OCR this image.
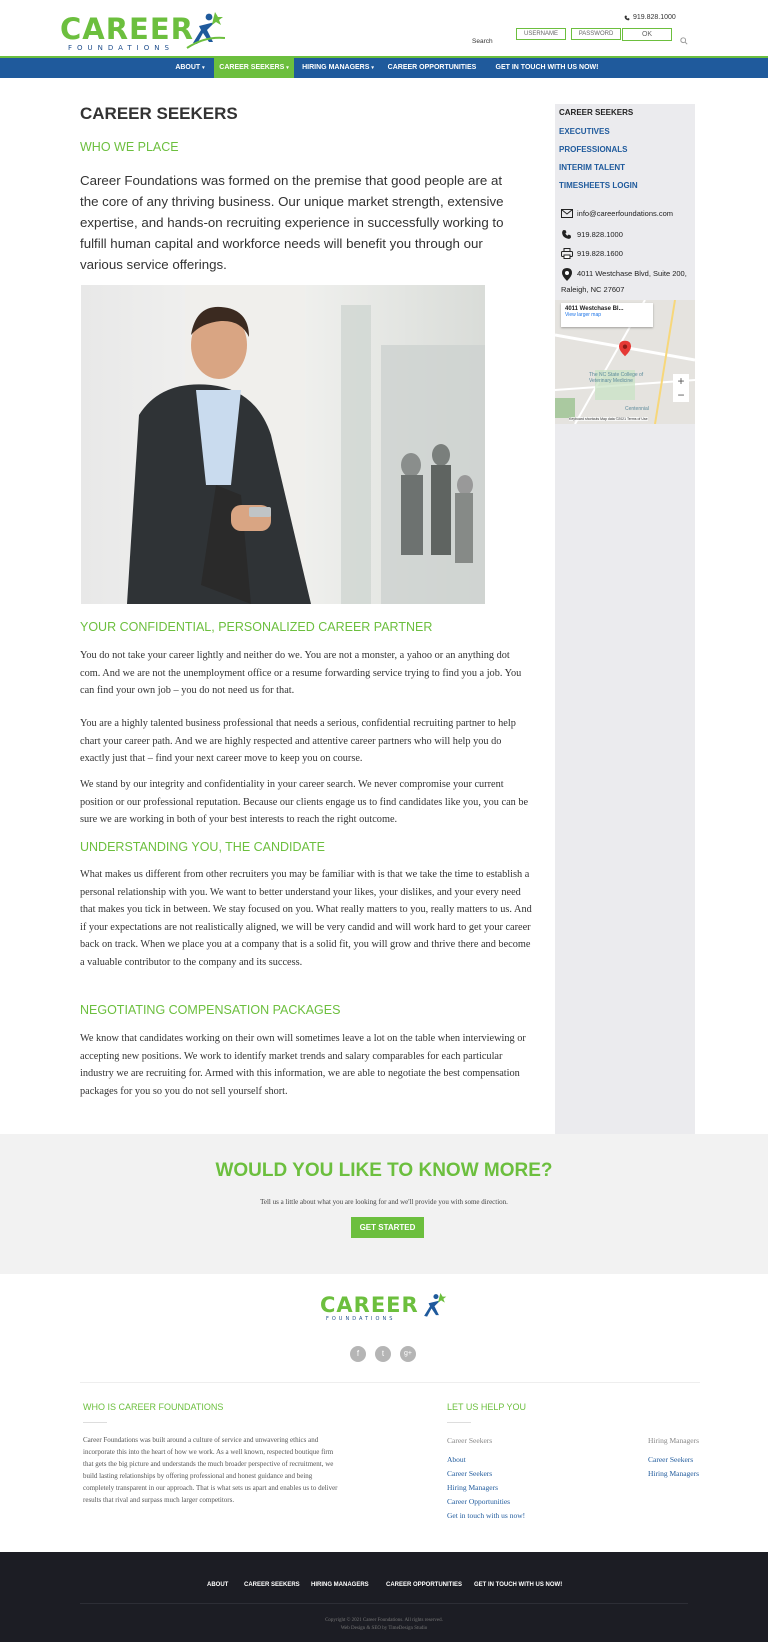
CAREER
FOUNDATIONS
919.828.1000
Search
USERNAME	PASSWORD	OK
ABOUT ▾	CAREER SEEKERS ▾	HIRING MANAGERS ▾	CAREER OPPORTUNITIES	GET IN TOUCH WITH US NOW!
CAREER SEEKERS
WHO WE PLACE
Career Foundations was formed on the premise that good people are at the core of any thriving business. Our unique market strength, extensive expertise, and hands-on recruiting experience in successfully working to fulfill human capital and workforce needs will benefit you through our various service offerings.
YOUR CONFIDENTIAL, PERSONALIZED CAREER PARTNER
You do not take your career lightly and neither do we. You are not a monster, a yahoo or an anything dot com. And we are not the unemployment office or a resume forwarding service trying to find you a job. You can find your own job – you do not need us for that.
You are a highly talented business professional that needs a serious, confidential recruiting partner to help chart your career path. And we are highly respected and attentive career partners who will help you do exactly just that – find your next career move to keep you on course.
We stand by our integrity and confidentiality in your career search. We never compromise your current position or our professional reputation. Because our clients engage us to find candidates like you, you can be sure we are working in both of your best interests to reach the right outcome.
UNDERSTANDING YOU, THE CANDIDATE
What makes us different from other recruiters you may be familiar with is that we take the time to establish a personal relationship with you. We want to better understand your likes, your dislikes, and your every need that makes you tick in between. We stay focused on you. What really matters to you, really matters to us. And if your expectations are not realistically aligned, we will be very candid and will work hard to get your career back on track. When we place you at a company that is a solid fit, you will grow and thrive there and become a valuable contributor to the company and its success.
NEGOTIATING COMPENSATION PACKAGES
We know that candidates working on their own will sometimes leave a lot on the table when interviewing or accepting new positions. We work to identify market trends and salary comparables for each particular industry we are recruiting for. Armed with this information, we are able to negotiate the best compensation packages for you so you do not sell yourself short.
CAREER SEEKERS
EXECUTIVES
PROFESSIONALS
INTERIM TALENT
TIMESHEETS LOGIN
info@careerfoundations.com
919.828.1000
919.828.1600
4011 Westchase Blvd, Suite 200,
Raleigh, NC 27607
4011 Westchase Bl...
View larger map
The NC State College of Veterinary Medicine
Centennial
+
−
Keyboard shortcuts Map data ©2021 Terms of Use
WOULD YOU LIKE TO KNOW MORE?
Tell us a little about what you are looking for and we'll provide you with some direction.
GET STARTED
CAREER
FOUNDATIONS
f	t	g+
WHO IS CAREER FOUNDATIONS
Career Foundations was built around a culture of service and unwavering ethics and incorporate this into the heart of how we work. As a well known, respected boutique firm that gets the big picture and understands the much broader perspective of recruitment, we build lasting relationships by offering professional and honest guidance and being completely transparent in our approach. That is what sets us apart and enables us to deliver results that rival and surpass much larger competitors.
LET US HELP YOU
Career Seekers
About
Career Seekers
Hiring Managers
Career Opportunities
Get in touch with us now!
Hiring Managers
Career Seekers
Hiring Managers
ABOUT	CAREER SEEKERS HIRING MANAGERS	CAREER OPPORTUNITIES GET IN TOUCH WITH US NOW!
Copyright © 2021 Career Foundations. All rights reserved.
Web Design & SEO by TimeDesign Studio
